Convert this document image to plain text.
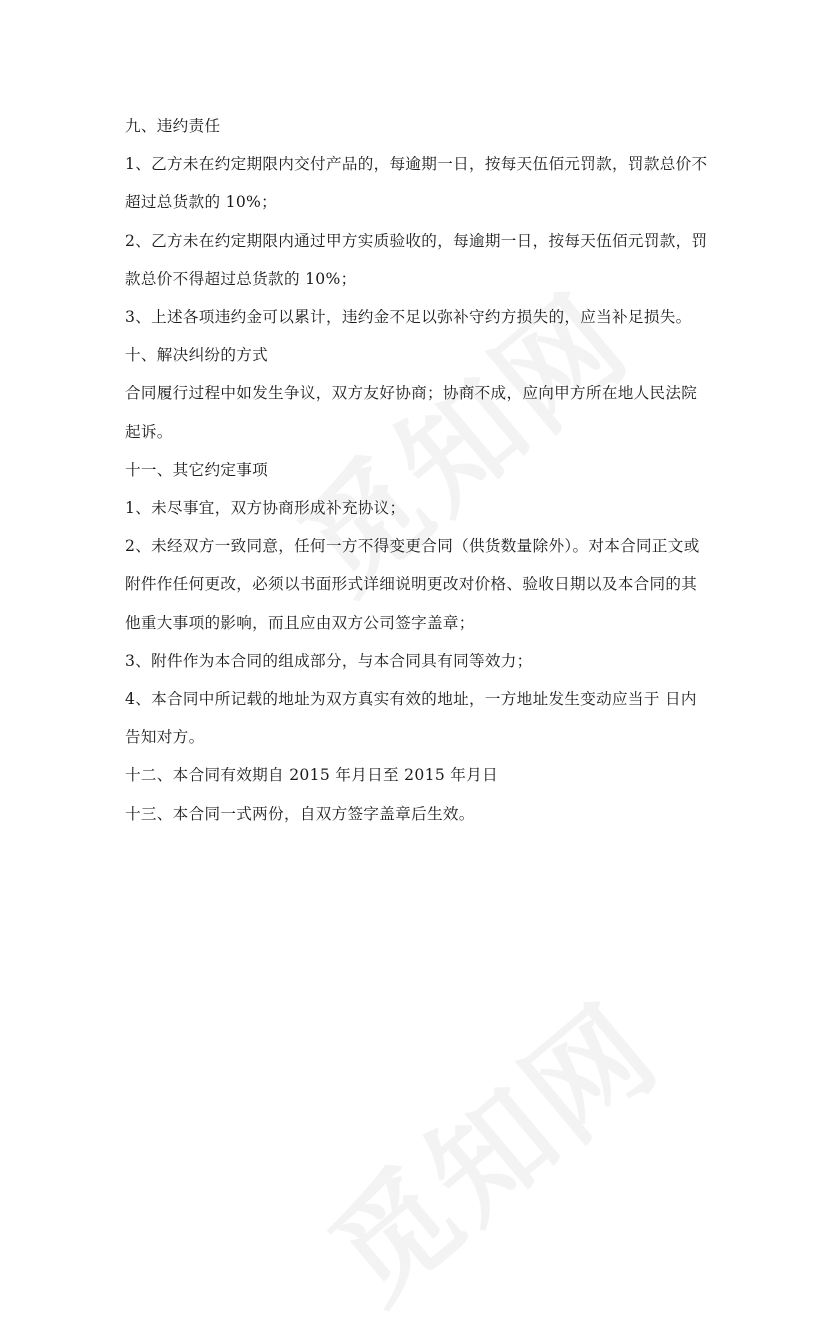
九、违约责任

1、乙方未在约定期限内交付产品的，每逾期一日，按每天伍佰元罚款，罚款总价不超过总货款的 10%；

2、乙方未在约定期限内通过甲方实质验收的，每逾期一日，按每天伍佰元罚款，罚款总价不得超过总货款的 10%；

3、上述各项违约金可以累计，违约金不足以弥补守约方损失的，应当补足损失。

十、解决纠纷的方式

合同履行过程中如发生争议，双方友好协商；协商不成，应向甲方所在地人民法院起诉。

十一、其它约定事项

1、未尽事宜，双方协商形成补充协议；

2、未经双方一致同意，任何一方不得变更合同（供货数量除外）。对本合同正文或附件作任何更改，必须以书面形式详细说明更改对价格、验收日期以及本合同的其他重大事项的影响，而且应由双方公司签字盖章；

3、附件作为本合同的组成部分，与本合同具有同等效力；

4、本合同中所记载的地址为双方真实有效的地址，一方地址发生变动应当于 日内告知对方。

十二、本合同有效期自 2015 年月日至 2015 年月日

十三、本合同一式两份，自双方签字盖章后生效。
